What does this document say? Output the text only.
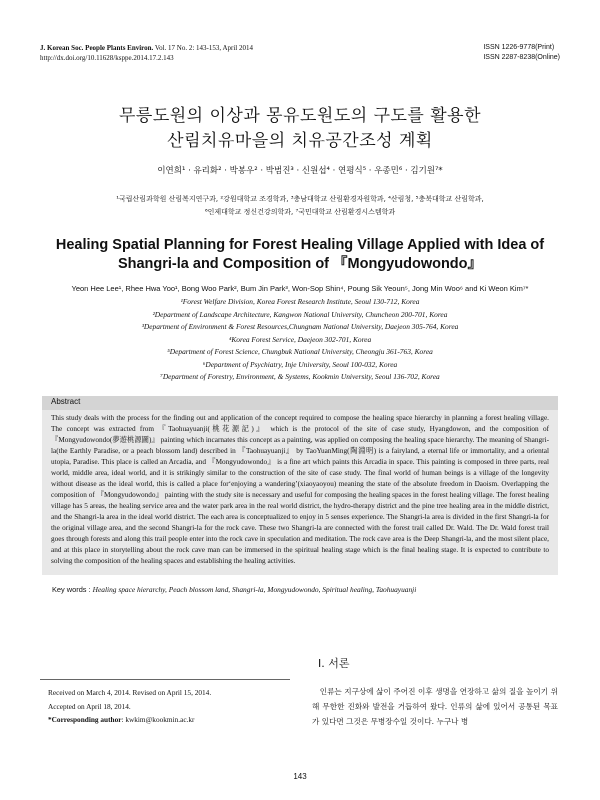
J. Korean Soc. People Plants Environ. Vol. 17 No. 2: 143-153, April 2014
http://dx.doi.org/10.11628/ksppe.2014.17.2.143
ISSN 1226-9778(Print)
ISSN 2287-8238(Online)
무릉도원의 이상과 몽유도원도의 구도를 활용한
산림치유마을의 치유공간조성 계획
이연희¹ · 유리화² · 박봉우² · 박범진³ · 신원섭⁴ · 연평식⁵ · 우종민⁶ · 김기원⁷*
¹국립산림과학원 산림복지연구과, ²강원대학교 조경학과, ³충남대학교 산림환경자원학과, ⁴산림청, ⁵충북대학교 산림학과,
⁶인제대학교 정신건강의학과, ⁷국민대학교 산림환경시스템학과
Healing Spatial Planning for Forest Healing Village Applied with Idea of
Shangri-la and Composition of 『Mongyudowondo』
Yeon Hee Lee¹, Rhee Hwa Yoo¹, Bong Woo Park², Bum Jin Park³, Won-Sop Shin⁴, Poung Sik Yeoun⁵, Jong Min Woo⁶ and Ki Weon Kim⁷*
¹Forest Welfare Division, Korea Forest Research Institute, Seoul 130-712, Korea
²Department of Landscape Architecture, Kangwon National University, Chuncheon 200-701, Korea
³Department of Environment & Forest Resources,Chungnam National University, Daejeon 305-764, Korea
⁴Korea Forest Service, Daejeon 302-701, Korea
⁵Department of Forest Science, Chungbuk National University, Cheongju 361-763, Korea
⁶Department of Psychiatry, Inje University, Seoul 100-032, Korea
⁷Department of Forestry, Environment, & Systems, Kookmin University, Seoul 136-702, Korea
Abstract
This study deals with the process for the finding out and application of the concept required to compose the healing space hierarchy in planning a forest healing village. The concept was extracted from 『Taohuayuanji(桃花源記)』 which is the protocol of the site of case study, Hyangdowon, and the composition of 『Mongyudowondo(夢遊桃源圖)』 painting which incarnates this concept as a painting, was applied on composing the healing space hierarchy. The meaning of Shangri-la(the Earthly Paradise, or a peach blossom land) described in 『Taohuayuanji』 by TaoYuanMing(陶淵明) is a fairyland, a eternal life or immortality, and a oriental utopia, Paradise. This place is called an Arcadia, and 『Mongyudowondo』 is a fine art which paints this Arcadia in space. This painting is composed in three parts, real world, middle area, ideal world, and it is strikingly similar to the construction of the site of case study. The final world of human beings is a village of the longevity without disease as the ideal world, this is called a place for‘enjoying a wandering’(xiaoyaoyou) meaning the state of the absolute freedom in Daoism. Overlapping the composition of 『Mongyudowondo』 painting with the study site is necessary and useful for composing the healing spaces in the forest healing village. The forest healing village has 5 areas, the healing service area and the water park area in the real world district, the hydro-therapy district and the pine tree healing area in the middle district, and the Shangri-la area in the ideal world district. The each area is conceptualized to enjoy in 5 senses experience. The Shangri-la area is divided in the first Shangri-la for the original village area, and the second Shangri-la for the rock cave. These two Shangri-la are connected with the forest trail called Dr. Wald. The Dr. Wald forest trail goes through forests and along this trail people enter into the rock cave in speculation and meditation. The rock cave area is the Deep Shangri-la, and the most silent place, and at this place in storytelling about the rock cave man can be immersed in the spiritual healing stage which is the final healing stage. It is expected to contribute to solving the composition of the healing spaces and establishing the healing activities.
Key words : Healing space hierarchy, Peach blossom land, Shangri-la, Mongyudowondo, Spiritual healing, Taohuayuanji
Ⅰ. 서론
　인류는 지구상에 삶이 주어진 이후 생명을 연장하고 삶의 질을 높이기 위해 무한한 진화와 발전을 거듭하여 왔다. 인류의 삶에 있어서 공통된 목표가 있다면 그것은 무병장수일 것이다. 누구나 병
Received on March 4, 2014. Revised on April 15, 2014.
Accepted on April 18, 2014.
*Corresponding author: kwkim@kookmin.ac.kr
143
